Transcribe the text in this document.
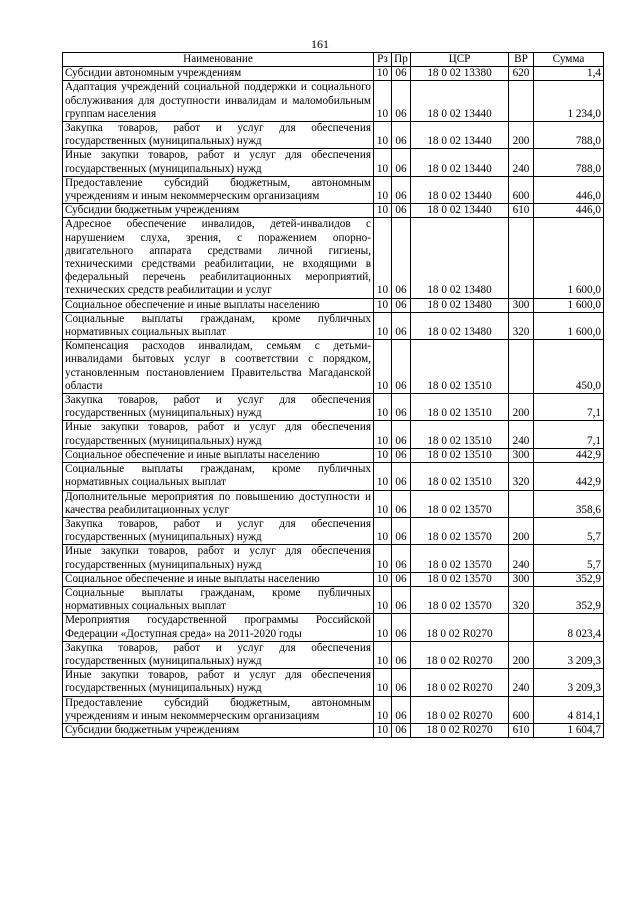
161
Наименование	Рз	Пр	ЦСР	ВР	Сумма
Субсидии автономным учреждениям	10	06	18 0 02 13380	620	1,4
Адаптация учреждений социальной поддержки и социального обслуживания для доступности инвалидам и маломобильным группам населения	10	06	18 0 02 13440		1 234,0
Закупка товаров, работ и услуг для обеспечения государственных (муниципальных) нужд	10	06	18 0 02 13440	200	788,0
Иные закупки товаров, работ и услуг для обеспечения государственных (муниципальных) нужд	10	06	18 0 02 13440	240	788,0
Предоставление субсидий бюджетным, автономным учреждениям и иным некоммерческим организациям	10	06	18 0 02 13440	600	446,0
Субсидии бюджетным учреждениям	10	06	18 0 02 13440	610	446,0
Адресное обеспечение инвалидов, детей-инвалидов с нарушением слуха, зрения, с поражением опорно-двигательного аппарата средствами личной гигиены, техническими средствами реабилитации, не входящими в федеральный перечень реабилитационных мероприятий, технических средств реабилитации и услуг	10	06	18 0 02 13480		1 600,0
Социальное обеспечение и иные выплаты населению	10	06	18 0 02 13480	300	1 600,0
Социальные выплаты гражданам, кроме публичных нормативных социальных выплат	10	06	18 0 02 13480	320	1 600,0
Компенсация расходов инвалидам, семьям с детьми-инвалидами бытовых услуг в соответствии с порядком, установленным постановлением Правительства Магаданской области	10	06	18 0 02 13510		450,0
Закупка товаров, работ и услуг для обеспечения государственных (муниципальных) нужд	10	06	18 0 02 13510	200	7,1
Иные закупки товаров, работ и услуг для обеспечения государственных (муниципальных) нужд	10	06	18 0 02 13510	240	7,1
Социальное обеспечение и иные выплаты населению	10	06	18 0 02 13510	300	442,9
Социальные выплаты гражданам, кроме публичных нормативных социальных выплат	10	06	18 0 02 13510	320	442,9
Дополнительные мероприятия по повышению доступности и качества реабилитационных услуг	10	06	18 0 02 13570		358,6
Закупка товаров, работ и услуг для обеспечения государственных (муниципальных) нужд	10	06	18 0 02 13570	200	5,7
Иные закупки товаров, работ и услуг для обеспечения государственных (муниципальных) нужд	10	06	18 0 02 13570	240	5,7
Социальное обеспечение и иные выплаты населению	10	06	18 0 02 13570	300	352,9
Социальные выплаты гражданам, кроме публичных нормативных социальных выплат	10	06	18 0 02 13570	320	352,9
Мероприятия государственной программы Российской Федерации «Доступная среда» на 2011-2020 годы	10	06	18 0 02 R0270		8 023,4
Закупка товаров, работ и услуг для обеспечения государственных (муниципальных) нужд	10	06	18 0 02 R0270	200	3 209,3
Иные закупки товаров, работ и услуг для обеспечения государственных (муниципальных) нужд	10	06	18 0 02 R0270	240	3 209,3
Предоставление субсидий бюджетным, автономным учреждениям и иным некоммерческим организациям	10	06	18 0 02 R0270	600	4 814,1
Субсидии бюджетным учреждениям	10	06	18 0 02 R0270	610	1 604,7
